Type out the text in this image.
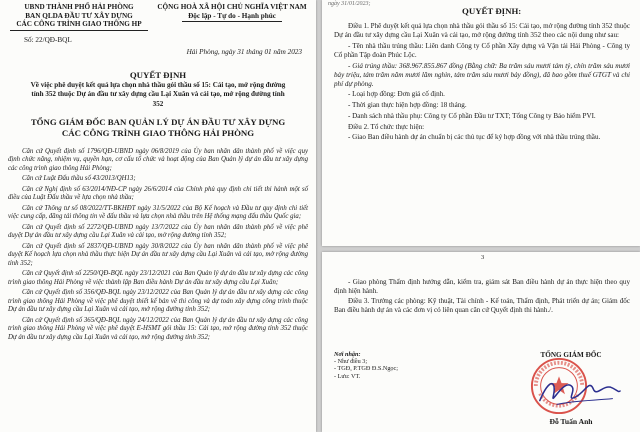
UBND THÀNH PHỐ HẢI PHÒNG
BAN QLDA ĐẦU TƯ XÂY DỰNG
CÁC CÔNG TRÌNH GIAO THÔNG HP
CỘNG HOÀ XÃ HỘI CHỦ NGHĨA VIỆT NAM
Độc lập - Tự do - Hạnh phúc
Số: 22/QĐ-BQL
Hải Phòng, ngày 31 tháng 01 năm 2023
QUYẾT ĐỊNH
Về việc phê duyệt kết quả lựa chọn nhà thầu gói thầu số 15: Cải tạo, mở rộng đường tỉnh 352 thuộc Dự án đầu tư xây dựng cầu Lại Xuân và cải tạo, mở rộng đường tỉnh 352
TỔNG GIÁM ĐỐC BAN QUẢN LÝ DỰ ÁN ĐẦU TƯ XÂY DỰNG
CÁC CÔNG TRÌNH GIAO THÔNG HẢI PHÒNG

Căn cứ Quyết định số 1796/QĐ-UBND ngày 06/8/2019 của Ủy ban nhân dân thành phố về việc quy định chức năng, nhiệm vụ, quyền hạn, cơ cấu tổ chức và hoạt động của Ban Quản lý dự án đầu tư xây dựng các công trình giao thông Hải Phòng;

Căn cứ Luật Đấu thầu số 43/2013/QH13;

Căn cứ Nghị định số 63/2014/NĐ-CP ngày 26/6/2014 của Chính phủ quy định chi tiết thi hành một số điều của Luật Đấu thầu về lựa chọn nhà thầu;

Căn cứ Thông tư số 08/2022/TT-BKHĐT ngày 31/5/2022 của Bộ Kế hoạch và Đầu tư quy định chi tiết việc cung cấp, đăng tải thông tin về đấu thầu và lựa chọn nhà thầu trên Hệ thống mạng đấu thầu Quốc gia;

Căn cứ Quyết định số 2272/QĐ-UBND ngày 13/7/2022 của Ủy ban nhân dân thành phố về việc phê duyệt Dự án đầu tư xây dựng cầu Lại Xuân và cải tạo, mở rộng đường tỉnh 352;

Căn cứ Quyết định số 2837/QĐ-UBND ngày 30/8/2022 của Ủy ban nhân dân thành phố về việc phê duyệt Kế hoạch lựa chọn nhà thầu thực hiện Dự án đầu tư xây dựng cầu Lại Xuân và cải tạo, mở rộng đường tỉnh 352;

Căn cứ Quyết định số 2250/QĐ-BQL ngày 23/12/2021 của Ban Quản lý dự án đầu tư xây dựng các công trình giao thông Hải Phòng về việc thành lập Ban điều hành Dự án đầu tư xây dựng cầu Lại Xuân;

Căn cứ Quyết định số 356/QĐ-BQL ngày 23/12/2022 của Ban Quản lý dự án đầu tư xây dựng các công trình giao thông Hải Phòng về việc phê duyệt thiết kế bản vẽ thi công và dự toán xây dựng công trình thuộc Dự án đầu tư xây dựng cầu Lại Xuân và cải tạo, mở rộng đường tỉnh 352;

Căn cứ Quyết định số 365/QĐ-BQL ngày 24/12/2022 của Ban Quản lý dự án đầu tư xây dựng các công trình giao thông Hải Phòng về việc phê duyệt E-HSMT gói thầu 15: Cải tạo, mở rộng đường tỉnh 352 thuộc Dự án đầu tư xây dựng cầu Lại Xuân và cải tạo, mở rộng đường tỉnh 352;

ngày 31/01/2023;
QUYẾT ĐỊNH:

Điều 1. Phê duyệt kết quả lựa chọn nhà thầu gói thầu số 15: Cải tạo, mở rộng đường tỉnh 352 thuộc Dự án đầu tư xây dựng cầu Lại Xuân và cải tạo, mở rộng đường tỉnh 352 theo các nội dung như sau:

- Tên nhà thầu trúng thầu: Liên danh Công ty Cổ phần Xây dựng và Vận tải Hải Phòng - Công ty Cổ phần Tập đoàn Phúc Lộc.

- Giá trúng thầu: 368.967.855.867 đồng (Bằng chữ: Ba trăm sáu mươi tám tỷ, chín trăm sáu mươi bảy triệu, tám trăm năm mươi lăm nghìn, tám trăm sáu mươi bảy đồng), đã bao gồm thuế GTGT và chi phí dự phòng.

- Loại hợp đồng: Đơn giá cố định.

- Thời gian thực hiện hợp đồng: 18 tháng.

- Danh sách nhà thầu phụ: Công ty Cổ phần Đầu tư TXT; Tổng Công ty Bảo hiểm PVI.

Điều 2. Tổ chức thực hiện:

- Giao Ban điều hành dự án chuẩn bị các thủ tục để ký hợp đồng với nhà thầu trúng thầu.

3

- Giao phòng Thẩm định hướng dẫn, kiểm tra, giám sát Ban điều hành dự án thực hiện theo quy định hiện hành.

Điều 3. Trưởng các phòng: Kỹ thuật, Tài chính - Kế toán, Thẩm định, Phát triển dự án; Giám đốc Ban điều hành dự án và các đơn vị có liên quan căn cứ Quyết định thi hành./.

Nơi nhận:
- Như điều 3;
- TGĐ, P.TGĐ Đ.S.Ngọc;
- Lưu: VT.
TỔNG GIÁM ĐỐC
Đỗ Tuấn Anh
